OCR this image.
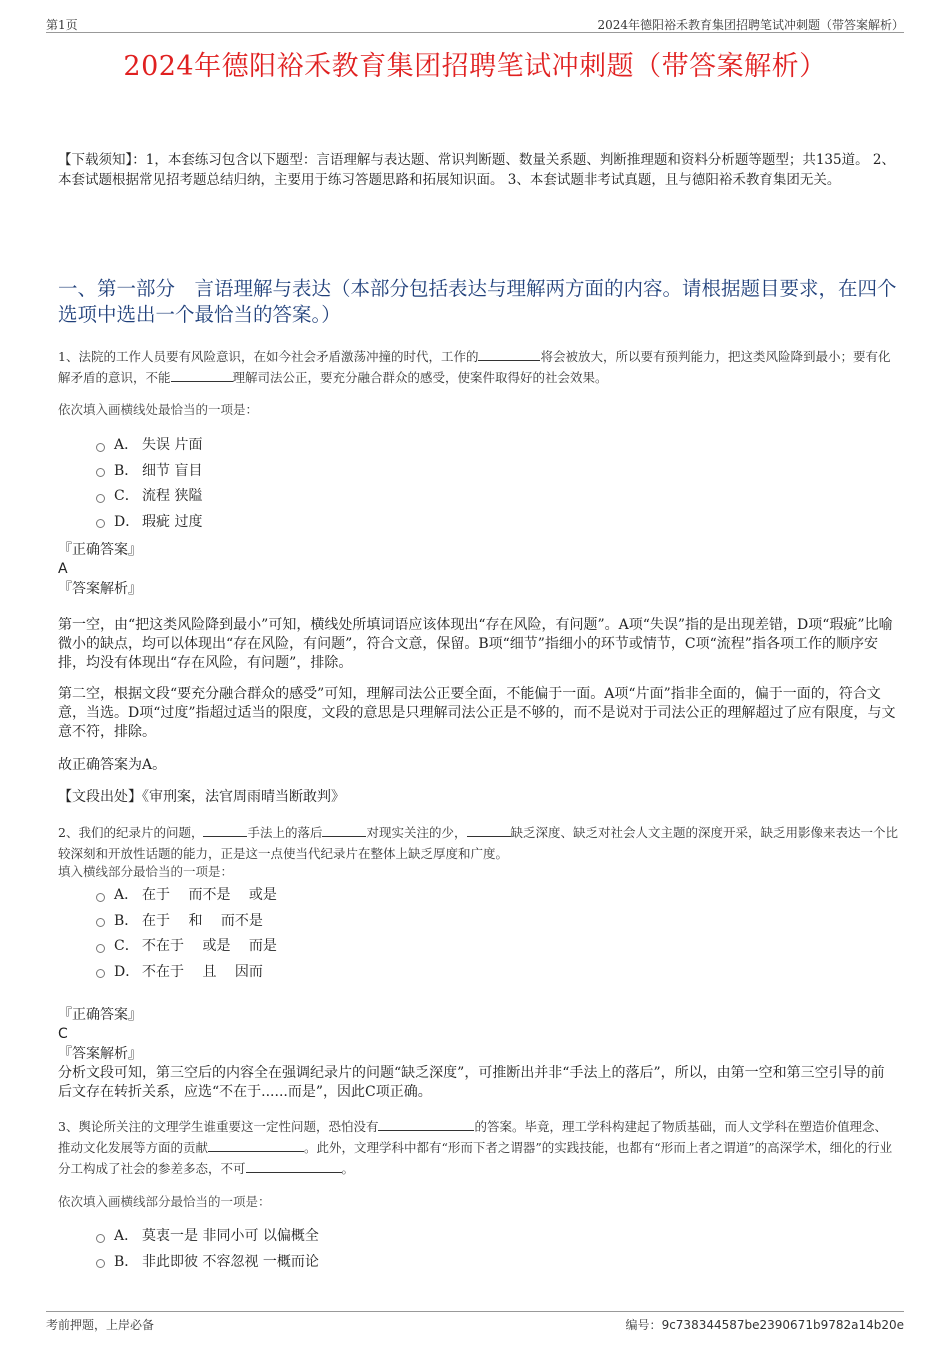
第1页	2024年德阳裕禾教育集团招聘笔试冲刺题（带答案解析）
2024年德阳裕禾教育集团招聘笔试冲刺题（带答案解析）
【下载须知】：1，本套练习包含以下题型：言语理解与表达题、常识判断题、数量关系题、判断推理题和资料分析题等题型；共135道。 2、本套试题根据常见招考题总结归纳，主要用于练习答题思路和拓展知识面。 3、本套试题非考试真题，且与德阳裕禾教育集团无关。
一、第一部分　言语理解与表达（本部分包括表达与理解两方面的内容。请根据题目要求，在四个选项中选出一个最恰当的答案。）
1、法院的工作人员要有风险意识，在如今社会矛盾激荡冲撞的时代，工作的	将会被放大，所以要有预判能力，把这类风险降到最小；要有化解矛盾的意识，不能	理解司法公正，要充分融合群众的感受，使案件取得好的社会效果。
依次填入画横线处最恰当的一项是：
A． 失误 片面
B． 细节 盲目
C． 流程 狭隘
D． 瑕疵 过度
『正确答案』
A
『答案解析』
第一空，由“把这类风险降到最小”可知，横线处所填词语应该体现出“存在风险，有问题”。A项“失误”指的是出现差错，D项“瑕疵”比喻微小的缺点，均可以体现出“存在风险，有问题”，符合文意，保留。B项“细节”指细小的环节或情节，C项“流程”指各项工作的顺序安排，均没有体现出“存在风险，有问题”，排除。
第二空，根据文段“要充分融合群众的感受”可知，理解司法公正要全面，不能偏于一面。A项“片面”指非全面的，偏于一面的，符合文意，当选。D项“过度”指超过适当的限度，文段的意思是只理解司法公正是不够的，而不是说对于司法公正的理解超过了应有限度，与文意不符，排除。
故正确答案为A。
【文段出处】《审刑案，法官周雨晴当断敢判》
2、我们的纪录片的问题，	手法上的落后	对现实关注的少，	缺乏深度、缺乏对社会人文主题的深度开采，缺乏用影像来表达一个比较深刻和开放性话题的能力，正是这一点使当代纪录片在整体上缺乏厚度和广度。
填入横线部分最恰当的一项是：
A． 在于　 而不是　 或是
B． 在于　 和　 而不是
C． 不在于　 或是　 而是
D． 不在于　 且　 因而
『正确答案』
C
『答案解析』
分析文段可知，第三空后的内容全在强调纪录片的问题“缺乏深度”，可推断出并非“手法上的落后”，所以，由第一空和第三空引导的前后文存在转折关系，应选“不在于......而是”，因此C项正确。
3、舆论所关注的文理学生谁重要这一定性问题，恐怕没有	的答案。毕竟，理工学科构建起了物质基础，而人文学科在塑造价值理念、推动文化发展等方面的贡献	。此外，文理学科中都有“形而下者之谓器”的实践技能，也都有“形而上者之谓道”的高深学术，细化的行业分工构成了社会的参差多态，不可	。
依次填入画横线部分最恰当的一项是：
A． 莫衷一是 非同小可 以偏概全
B． 非此即彼 不容忽视 一概而论
考前押题，上岸必备	编号：9c738344587be2390671b9782a14b20e
